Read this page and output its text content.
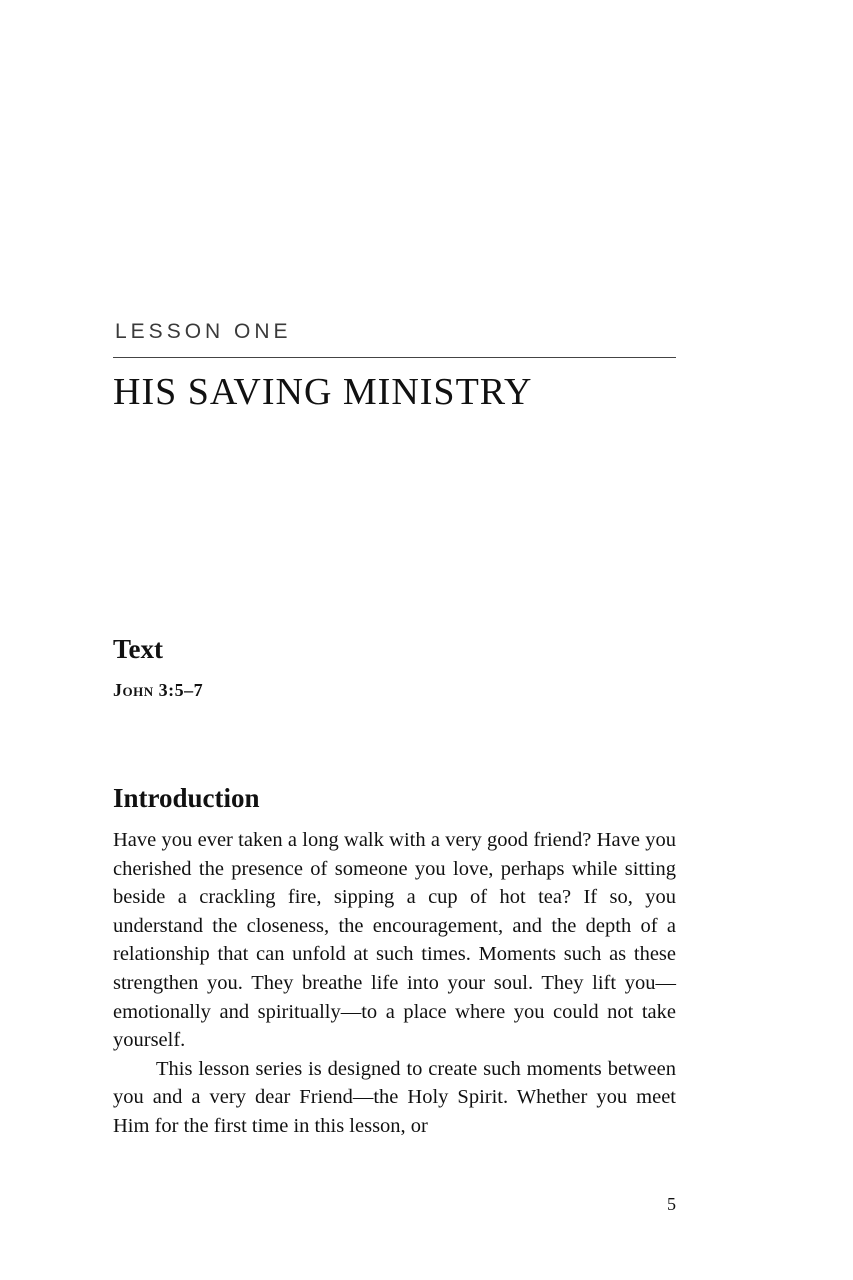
LESSON ONE
HIS SAVING MINISTRY
Text
John 3:5–7
Introduction

Have you ever taken a long walk with a very good friend? Have you cherished the presence of someone you love, perhaps while sitting beside a crackling fire, sipping a cup of hot tea? If so, you understand the closeness, the encouragement, and the depth of a relationship that can unfold at such times. Moments such as these strengthen you. They breathe life into your soul. They lift you—emotionally and spiritually—to a place where you could not take yourself.

This lesson series is designed to create such moments between you and a very dear Friend—the Holy Spirit. Whether you meet Him for the first time in this lesson, or

5
